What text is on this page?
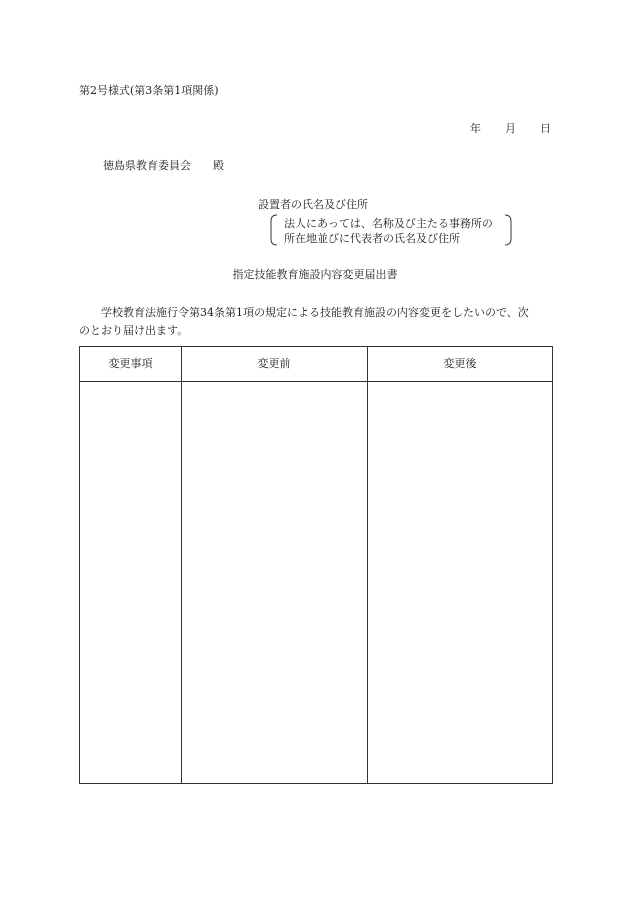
第2号様式(第3条第1項関係)
年 月 日
徳島県教育委員会 殿
設置者の氏名及び住所
法人にあっては、名称及び主たる事務所の
所在地並びに代表者の氏名及び住所
指定技能教育施設内容変更届出書
学校教育法施行令第34条第1項の規定による技能教育施設の内容変更をしたいので、次
のとおり届け出ます。
変更事項	変更前	変更後
